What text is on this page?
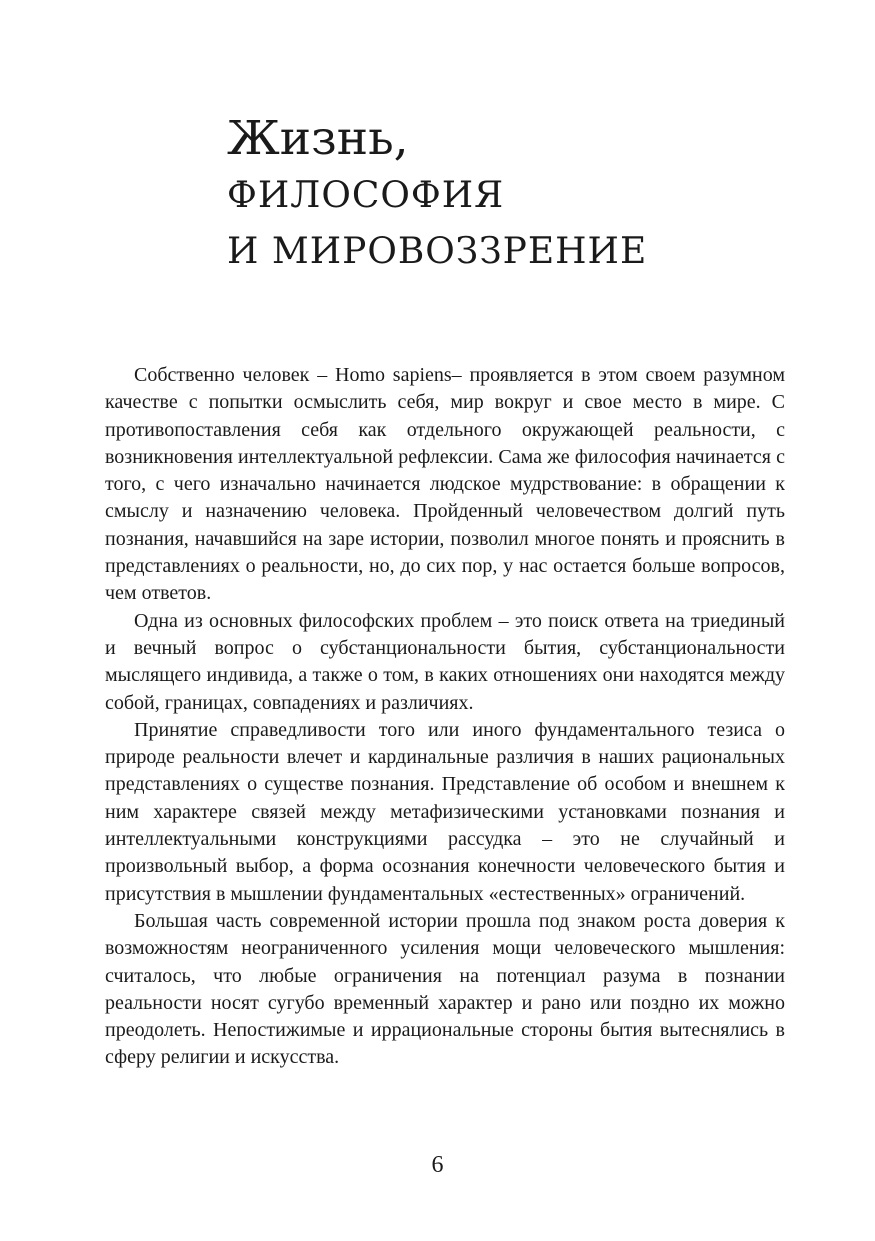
Жизнь,
ФИЛОСОФИЯ
И МИРОВОЗЗРЕНИЕ

Собственно человек – Homo sapiens– проявляется в этом своем разумном качестве с попытки осмыслить себя, мир вокруг и свое место в мире. С противопоставления себя как отдельного окружающей реальности, с возникновения интеллектуальной рефлексии. Сама же философия начинается с того, с чего изначально начинается людское мудрствование: в обращении к смыслу и назначению человека. Пройденный человечеством долгий путь познания, начавшийся на заре истории, позволил многое понять и прояснить в представлениях о реальности, но, до сих пор, у нас остается больше вопросов, чем ответов.

Одна из основных философских проблем – это поиск ответа на триединый и вечный вопрос о субстанциональности бытия, субстанциональности мыслящего индивида, а также о том, в каких отношениях они находятся между собой, границах, совпадениях и различиях.

Принятие справедливости того или иного фундаментального тезиса о природе реальности влечет и кардинальные различия в наших рациональных представлениях о существе познания. Представление об особом и внешнем к ним характере связей между метафизическими установками познания и интеллектуальными конструкциями рассудка – это не случайный и произвольный выбор, а форма осознания конечности человеческого бытия и присутствия в мышлении фундаментальных «естественных» ограничений.

Большая часть современной истории прошла под знаком роста доверия к возможностям неограниченного усиления мощи человеческого мышления: считалось, что любые ограничения на потенциал разума в познании реальности носят сугубо временный характер и рано или поздно их можно преодолеть. Непостижимые и иррациональные стороны бытия вытеснялись в сферу религии и искусства.

6
